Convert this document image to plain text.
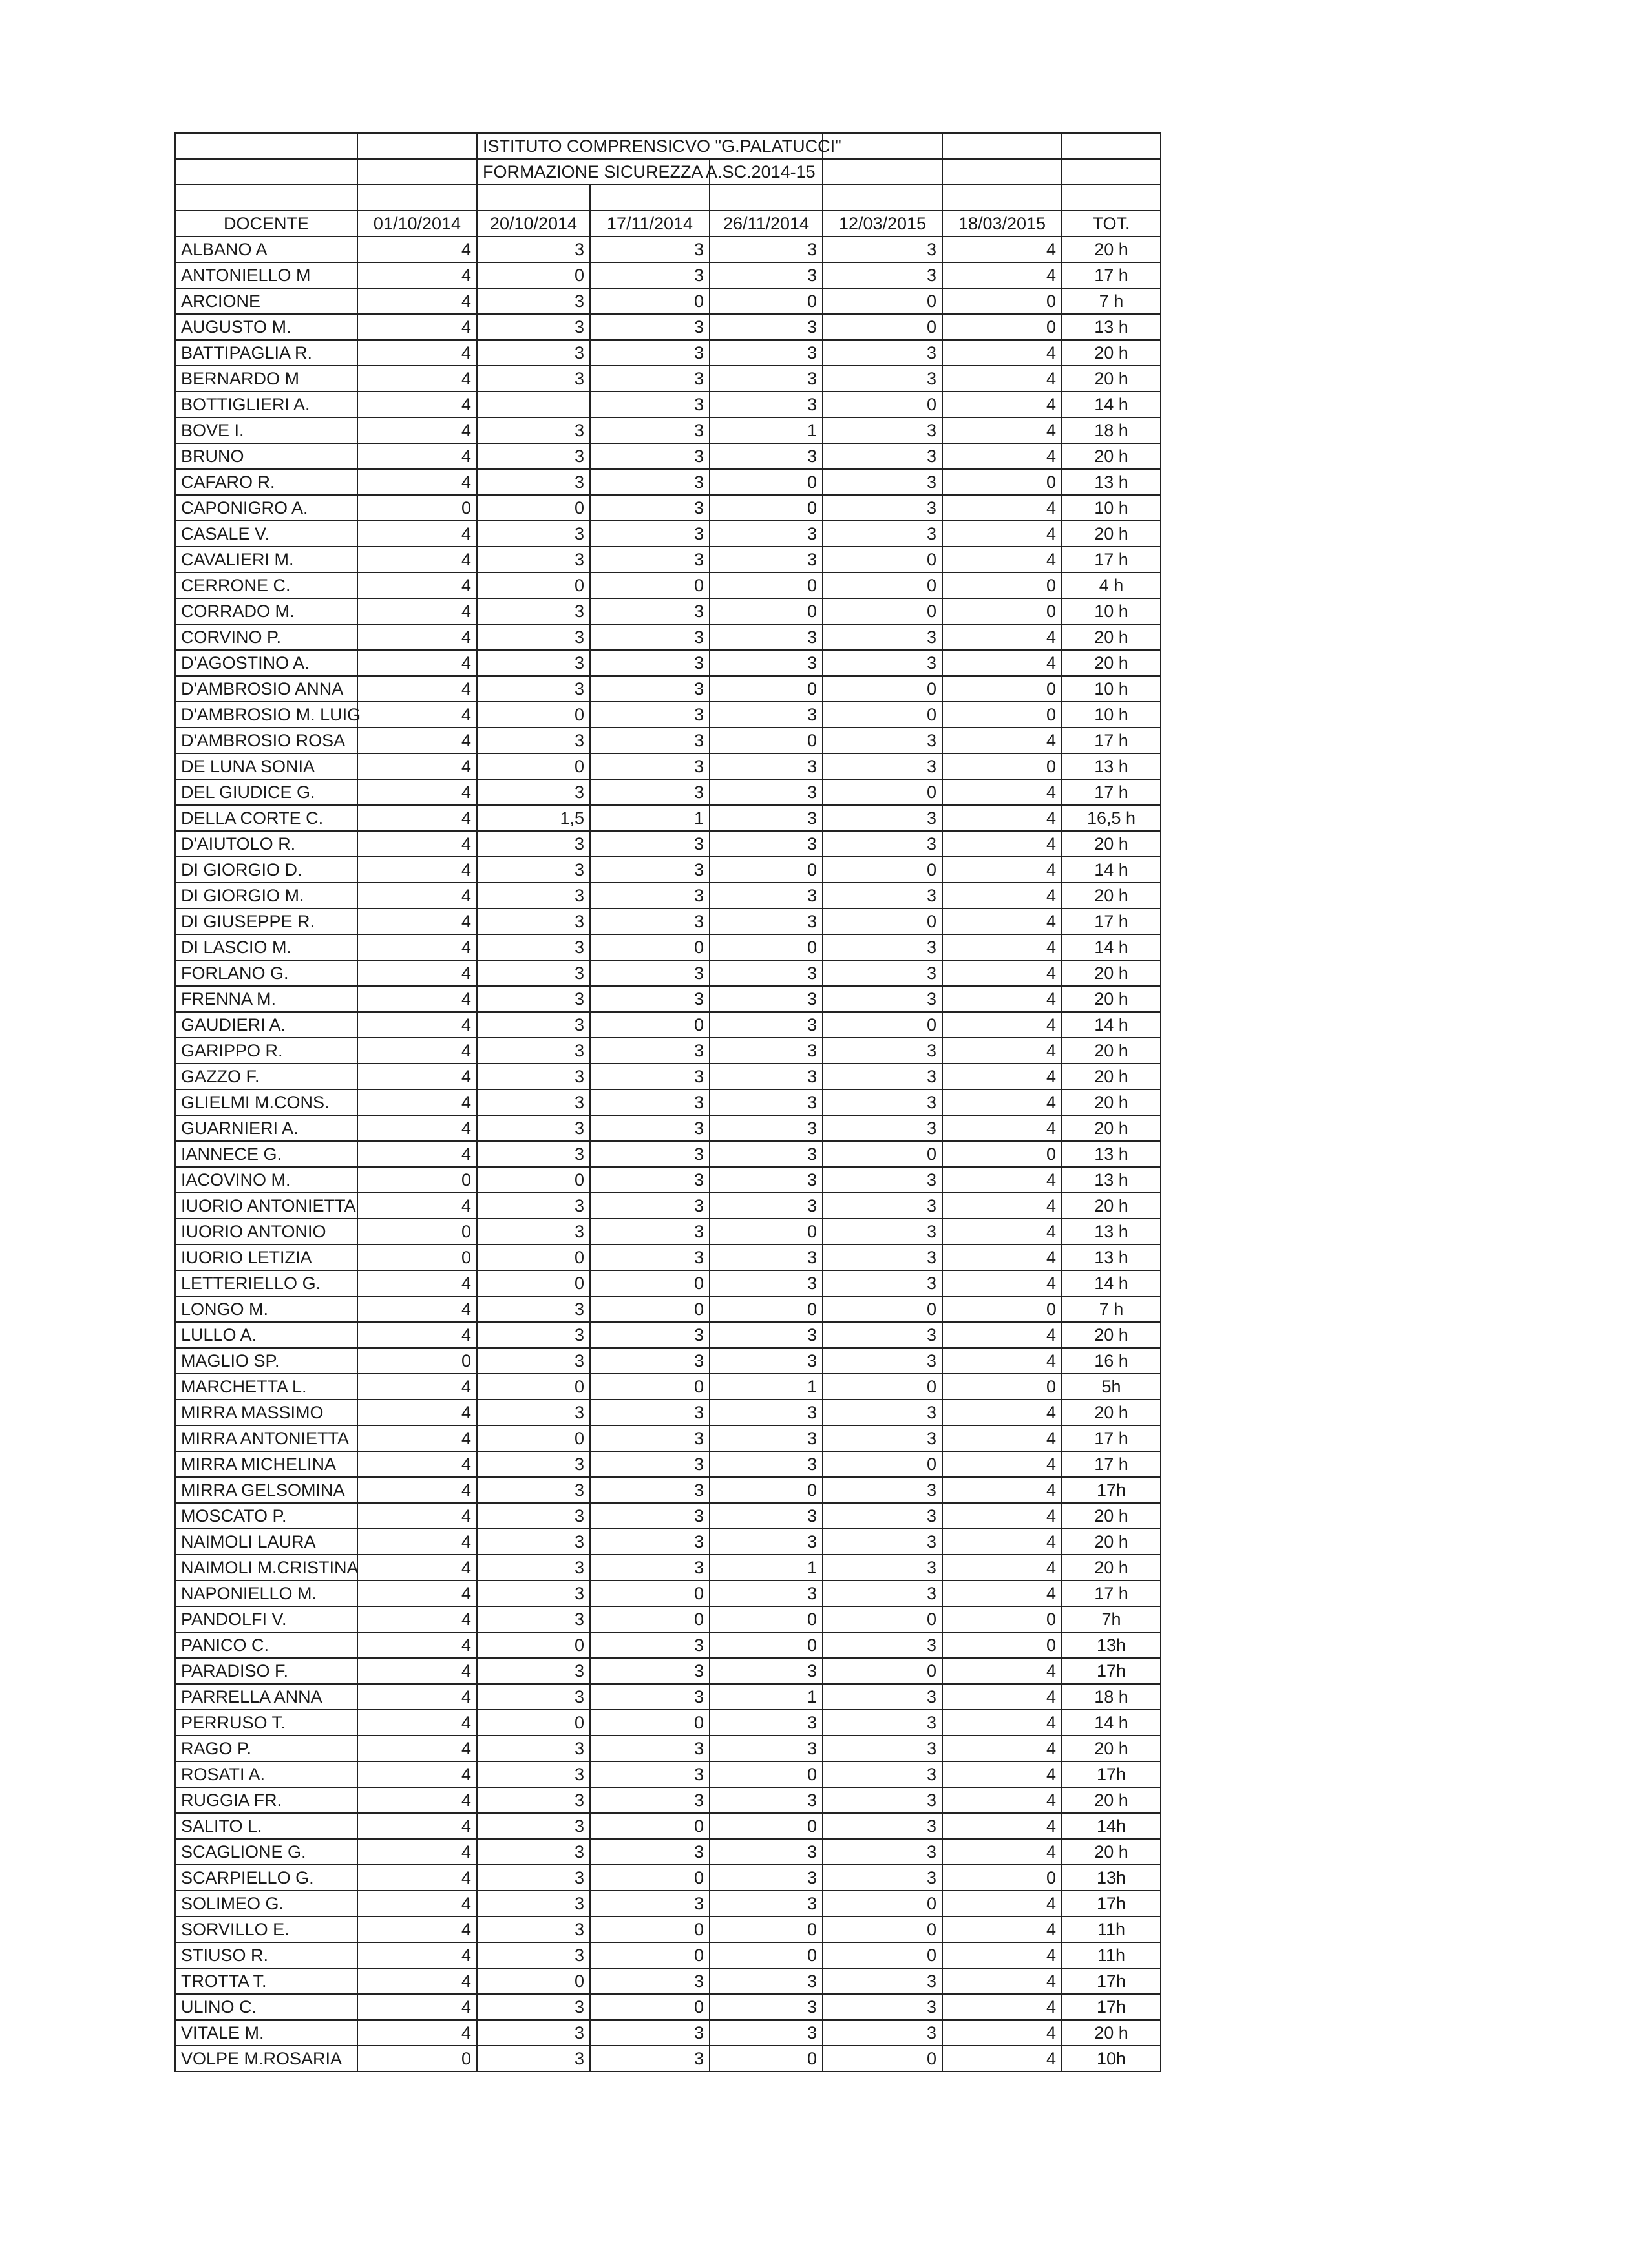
		ISTITUTO COMPRENSICVO "G.PALATUCCI"					
		FORMAZIONE SICUREZZA A.SC.2014-15					

DOCENTE	01/10/2014	20/10/2014	17/11/2014	26/11/2014	12/03/2015	18/03/2015	TOT.
ALBANO A	4	3	3	3	3	4	20 h
ANTONIELLO M	4	0	3	3	3	4	17 h
ARCIONE	4	3	0	0	0	0	7 h
AUGUSTO M.	4	3	3	3	0	0	13 h
BATTIPAGLIA R.	4	3	3	3	3	4	20 h
BERNARDO M	4	3	3	3	3	4	20 h
BOTTIGLIERI A.	4		3	3	0	4	14 h
BOVE I.	4	3	3	1	3	4	18 h
BRUNO	4	3	3	3	3	4	20 h
CAFARO R.	4	3	3	0	3	0	13 h
CAPONIGRO A.	0	0	3	0	3	4	10 h
CASALE V.	4	3	3	3	3	4	20 h
CAVALIERI M.	4	3	3	3	0	4	17 h
CERRONE C.	4	0	0	0	0	0	4 h
CORRADO M.	4	3	3	0	0	0	10 h
CORVINO P.	4	3	3	3	3	4	20 h
D'AGOSTINO A.	4	3	3	3	3	4	20 h
D'AMBROSIO ANNA	4	3	3	0	0	0	10 h
D'AMBROSIO M. LUIG	4	0	3	3	0	0	10 h
D'AMBROSIO ROSA	4	3	3	0	3	4	17 h
DE LUNA SONIA	4	0	3	3	3	0	13 h
DEL GIUDICE G.	4	3	3	3	0	4	17 h
DELLA CORTE C.	4	1,5	1	3	3	4	16,5 h
D'AIUTOLO R.	4	3	3	3	3	4	20 h
DI GIORGIO D.	4	3	3	0	0	4	14 h
DI GIORGIO M.	4	3	3	3	3	4	20 h
DI GIUSEPPE R.	4	3	3	3	0	4	17 h
DI LASCIO M.	4	3	0	0	3	4	14 h
FORLANO G.	4	3	3	3	3	4	20 h
FRENNA M.	4	3	3	3	3	4	20 h
GAUDIERI A.	4	3	0	3	0	4	14 h
GARIPPO R.	4	3	3	3	3	4	20 h
GAZZO F.	4	3	3	3	3	4	20 h
GLIELMI M.CONS.	4	3	3	3	3	4	20 h
GUARNIERI A.	4	3	3	3	3	4	20 h
IANNECE G.	4	3	3	3	0	0	13 h
IACOVINO M.	0	0	3	3	3	4	13 h
IUORIO ANTONIETTA	4	3	3	3	3	4	20 h
IUORIO ANTONIO	0	3	3	0	3	4	13 h
IUORIO LETIZIA	0	0	3	3	3	4	13 h
LETTERIELLO G.	4	0	0	3	3	4	14 h
LONGO M.	4	3	0	0	0	0	7 h
LULLO A.	4	3	3	3	3	4	20 h
MAGLIO SP.	0	3	3	3	3	4	16 h
MARCHETTA L.	4	0	0	1	0	0	5h
MIRRA MASSIMO	4	3	3	3	3	4	20 h
MIRRA ANTONIETTA	4	0	3	3	3	4	17 h
MIRRA MICHELINA	4	3	3	3	0	4	17 h
MIRRA GELSOMINA	4	3	3	0	3	4	17h
MOSCATO P.	4	3	3	3	3	4	20 h
NAIMOLI LAURA	4	3	3	3	3	4	20 h
NAIMOLI M.CRISTINA	4	3	3	1	3	4	20 h
NAPONIELLO M.	4	3	0	3	3	4	17 h
PANDOLFI V.	4	3	0	0	0	0	7h
PANICO C.	4	0	3	0	3	0	13h
PARADISO F.	4	3	3	3	0	4	17h
PARRELLA ANNA	4	3	3	1	3	4	18 h
PERRUSO T.	4	0	0	3	3	4	14 h
RAGO P.	4	3	3	3	3	4	20 h
ROSATI A.	4	3	3	0	3	4	17h
RUGGIA FR.	4	3	3	3	3	4	20 h
SALITO L.	4	3	0	0	3	4	14h
SCAGLIONE G.	4	3	3	3	3	4	20 h
SCARPIELLO G.	4	3	0	3	3	0	13h
SOLIMEO G.	4	3	3	3	0	4	17h
SORVILLO E.	4	3	0	0	0	4	11h
STIUSO R.	4	3	0	0	0	4	11h
TROTTA T.	4	0	3	3	3	4	17h
ULINO C.	4	3	0	3	3	4	17h
VITALE M.	4	3	3	3	3	4	20 h
VOLPE M.ROSARIA	0	3	3	0	0	4	10h
